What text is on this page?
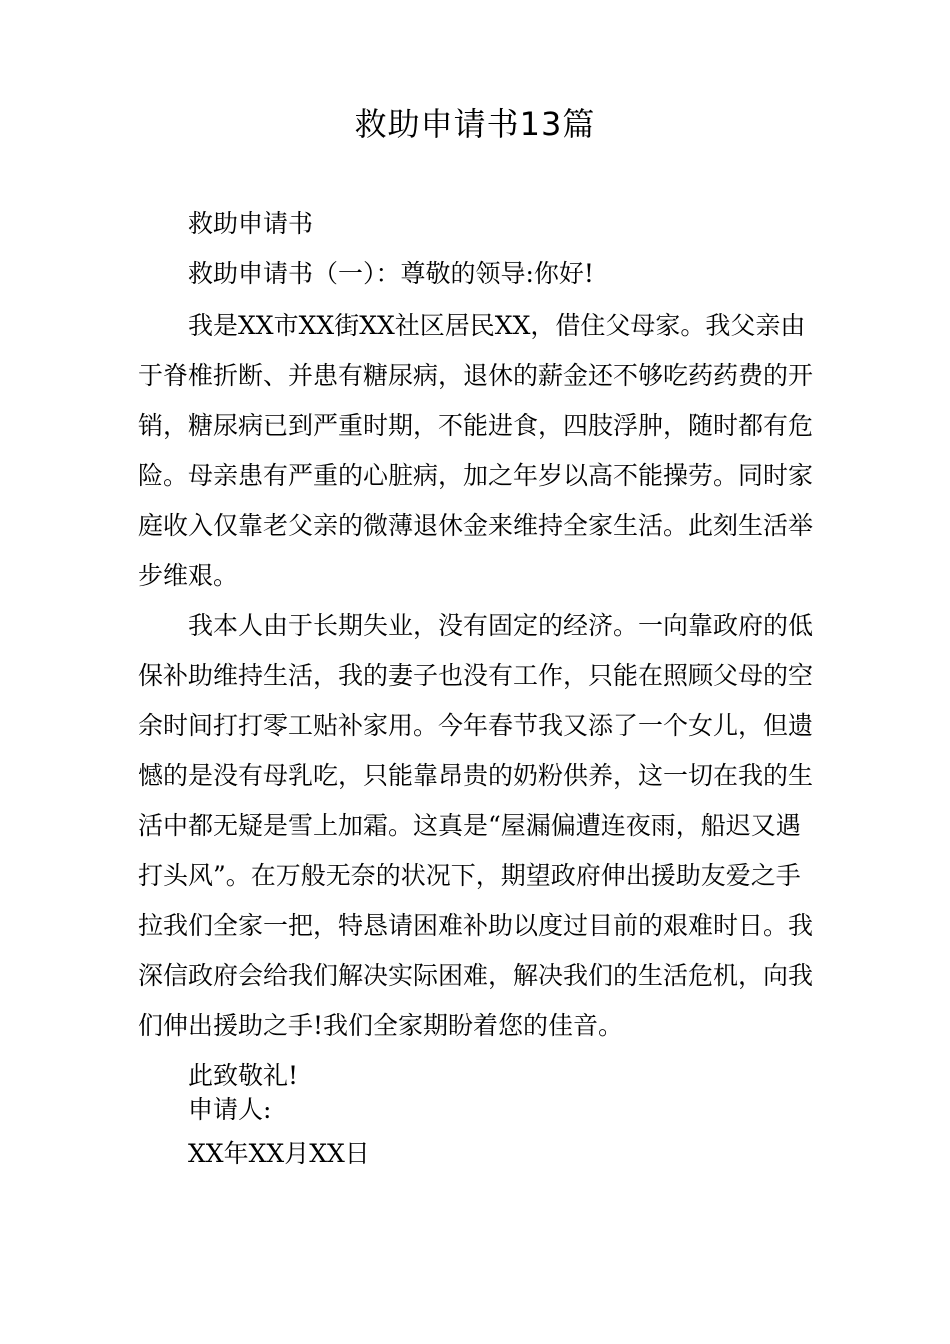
救助申请书13篇

救助申请书

救助申请书（一）：尊敬的领导:你好!

我是XX市XX街XX社区居民XX，借住父母家。我父亲由

于脊椎折断、并患有糖尿病，退休的薪金还不够吃药药费的开

销，糖尿病已到严重时期，不能进食，四肢浮肿，随时都有危

险。母亲患有严重的心脏病，加之年岁以高不能操劳。同时家

庭收入仅靠老父亲的微薄退休金来维持全家生活。此刻生活举

步维艰。

我本人由于长期失业，没有固定的经济。一向靠政府的低

保补助维持生活，我的妻子也没有工作，只能在照顾父母的空

余时间打打零工贴补家用。今年春节我又添了一个女儿，但遗

憾的是没有母乳吃，只能靠昂贵的奶粉供养，这一切在我的生

活中都无疑是雪上加霜。这真是“屋漏偏遭连夜雨，船迟又遇

打头风”。在万般无奈的状况下，期望政府伸出援助友爱之手

拉我们全家一把，特恳请困难补助以度过目前的艰难时日。我

深信政府会给我们解决实际困难，解决我们的生活危机，向我

们伸出援助之手!我们全家期盼着您的佳音。

此致敬礼!

申请人:

XX年XX月XX日
